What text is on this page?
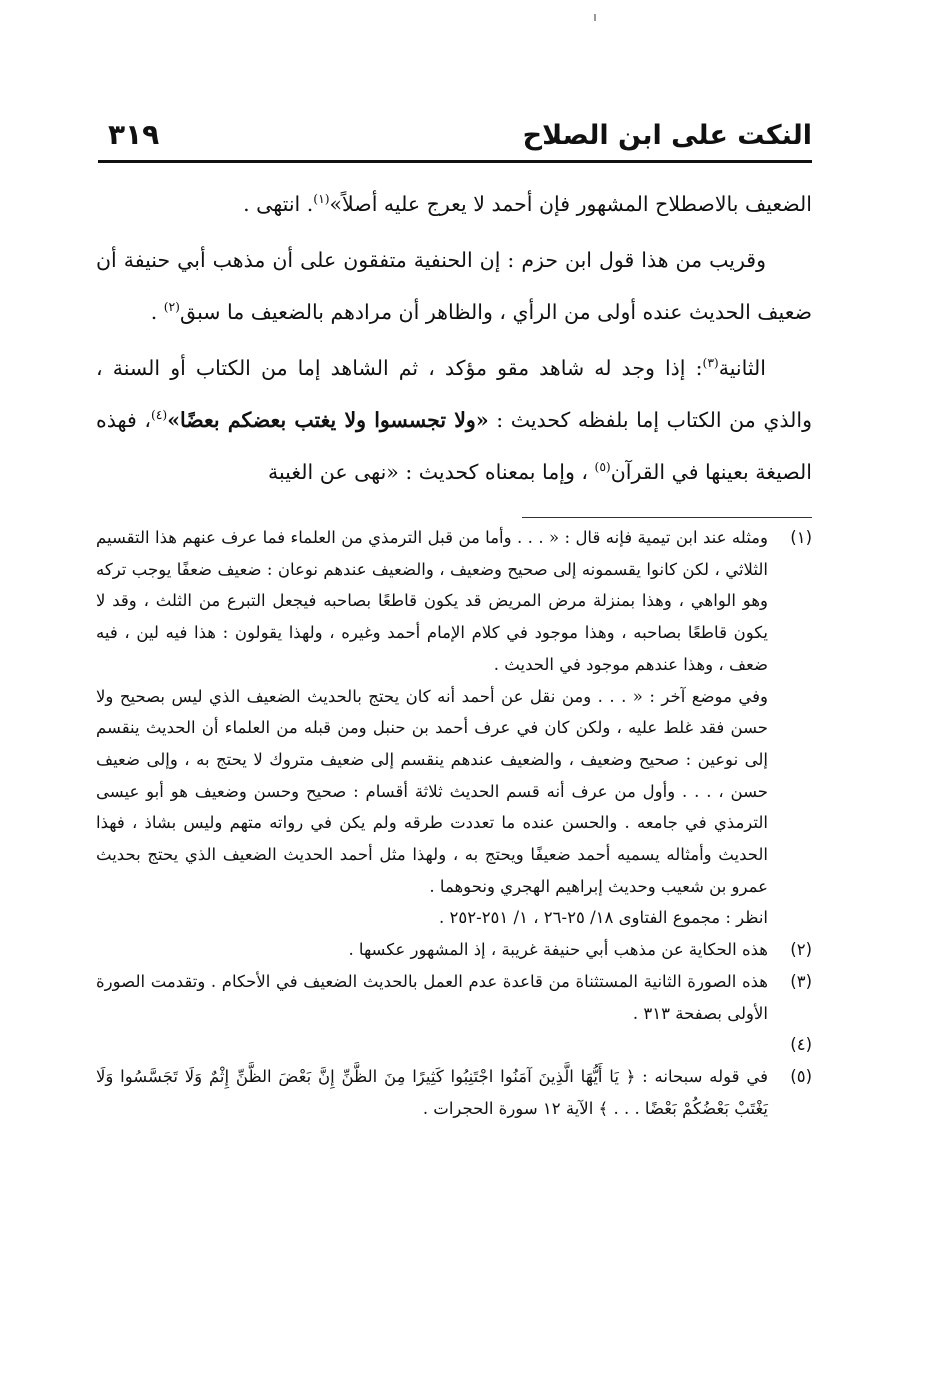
النكت على ابن الصلاح
٣١٩

الضعيف بالاصطلاح المشهور فإن أحمد لا يعرج عليه أصلاً»$^{(١)}$. انتهى .

وقريب من هذا قول ابن حزم : إن الحنفية متفقون على أن مذهب أبي حنيفة أن ضعيف الحديث عنده أولى من الرأي ، والظاهر أن مرادهم بالضعيف ما سبق$^{(٢)}$ .

الثانية$^{(٣)}$: إذا وجد له شاهد مقو مؤكد ، ثم الشاهد إما من الكتاب أو السنة ، والذي من الكتاب إما بلفظه كحديث : «ولا تجسسوا ولا يغتب بعضكم بعضًا»$^{(٤)}$، فهذه الصيغة بعينها في القرآن$^{(٥)}$ ، وإما بمعناه كحديث : «نهى عن الغيبة

(١)

ومثله عند ابن تيمية فإنه قال : « . . . وأما من قبل الترمذي من العلماء فما عرف عنهم هذا التقسيم الثلاثي ، لكن كانوا يقسمونه إلى صحيح وضعيف ، والضعيف عندهم نوعان : ضعيف ضعفًا يوجب تركه وهو الواهي ، وهذا بمنزلة مرض المريض قد يكون قاطعًا بصاحبه فيجعل التبرع من الثلث ، وقد لا يكون قاطعًا بصاحبه ، وهذا موجود في كلام الإمام أحمد وغيره ، ولهذا يقولون : هذا فيه لين ، فيه ضعف ، وهذا عندهم موجود في الحديث .

وفي موضع آخر : « . . . ومن نقل عن أحمد أنه كان يحتج بالحديث الضعيف الذي ليس بصحيح ولا حسن فقد غلط عليه ، ولكن كان في عرف أحمد بن حنبل ومن قبله من العلماء أن الحديث ينقسم إلى نوعين : صحيح وضعيف ، والضعيف عندهم ينقسم إلى ضعيف متروك لا يحتج به ، وإلى ضعيف حسن ، . . . وأول من عرف أنه قسم الحديث ثلاثة أقسام : صحيح وحسن وضعيف هو أبو عيسى الترمذي في جامعه . والحسن عنده ما تعددت طرقه ولم يكن في رواته متهم وليس بشاذ ، فهذا الحديث وأمثاله يسميه أحمد ضعيفًا ويحتج به ، ولهذا مثل أحمد الحديث الضعيف الذي يحتج بحديث عمرو بن شعيب وحديث إبراهيم الهجري ونحوهما .

انظر : مجموع الفتاوى ١٨/ ٢٥-٢٦ ، ١/ ٢٥١-٢٥٢ .

(٢)

هذه الحكاية عن مذهب أبي حنيفة غريبة ، إذ المشهور عكسها .

(٣)

هذه الصورة الثانية المستثناة من قاعدة عدم العمل بالحديث الضعيف في الأحكام . وتقدمت الصورة الأولى بصفحة ٣١٣ .

(٤)

(٥)

في قوله سبحانه : ﴿ يَا أَيُّهَا الَّذِينَ آمَنُوا اجْتَنِبُوا كَثِيرًا مِنَ الظَّنِّ إِنَّ بَعْضَ الظَّنِّ إِثْمٌ وَلَا تَجَسَّسُوا وَلَا يَغْتَبْ بَعْضُكُمْ بَعْضًا . . . ﴾ الآية ١٢ سورة الحجرات .
